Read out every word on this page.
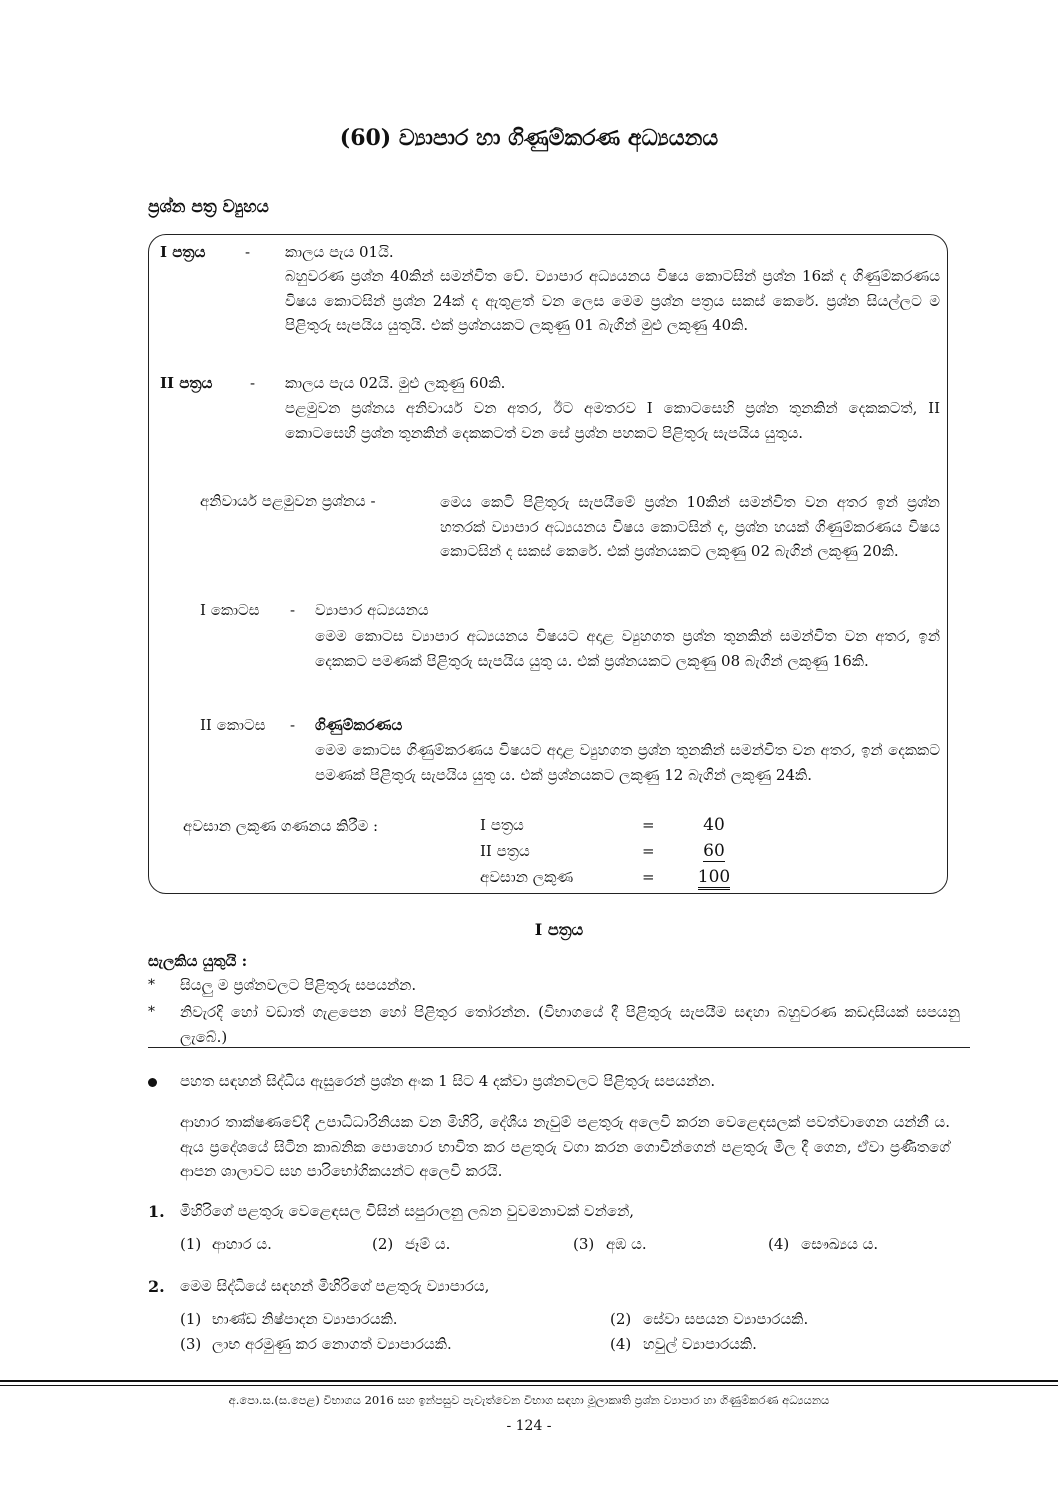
(60) ව්‍යාපාර හා ගිණුම්කරණ අධ්‍යයනය
ප්‍රශ්න පත්‍ර ව්‍යුහය
I පත්‍රය	- කාලය පැය 01යි.
බහුවරණ ප්‍රශ්න 40කින් සමන්විත වේ. ව්‍යාපාර අධ්‍යයනය විෂය කොටසින් ප්‍රශ්න 16ක් ද ගිණුම්කරණය විෂය කොටසින් ප්‍රශ්න 24ක් ද ඇතුළත් වන ලෙස මෙම ප්‍රශ්න පත්‍රය සකස් කෙරේ. ප්‍රශ්න සියල්ලට ම පිළිතුරු සැපයිය යුතුයි. එක් ප්‍රශ්නයකට ලකුණු 01 බැගින් මුළු ලකුණු 40කි.
II පත්‍රය	- කාලය පැය 02යි. මුළු ලකුණු 60කි.
පළමුවන ප්‍රශ්නය අනිවාර්ය වන අතර, ඊට අමතරව I කොටසෙහි ප්‍රශ්න තුනකින් දෙකකටත්, II කොටසෙහි ප්‍රශ්න තුනකින් දෙකකටත් වන සේ ප්‍රශ්න පහකට පිළිතුරු සැපයිය යුතුය.
අනිවාර්ය පළමුවන ප්‍රශ්නය -	මෙය කෙටි පිළිතුරු සැපයීමේ ප්‍රශ්න 10කින් සමන්විත වන අතර ඉන් ප්‍රශ්න හතරක් ව්‍යාපාර අධ්‍යයනය විෂය කොටසින් ද, ප්‍රශ්න හයක් ගිණුම්කරණය විෂය කොටසින් ද සකස් කෙරේ. එක් ප්‍රශ්නයකට ලකුණු 02 බැගින් ලකුණු 20කි.
I කොටස - ව්‍යාපාර අධ්‍යයනය
මෙම කොටස ව්‍යාපාර අධ්‍යයනය විෂයට අදාළ ව්‍යුහගත ප්‍රශ්න තුනකින් සමන්විත වන අතර, ඉන් දෙකකට පමණක් පිළිතුරු සැපයිය යුතු ය. එක් ප්‍රශ්නයකට ලකුණු 08 බැගින් ලකුණු 16කි.
II කොටස - ගිණුම්කරණය
මෙම කොටස ගිණුම්කරණය විෂයට අදාළ ව්‍යුහගත ප්‍රශ්න තුනකින් සමන්විත වන අතර, ඉන් දෙකකට පමණක් පිළිතුරු සැපයිය යුතු ය. එක් ප්‍රශ්නයකට ලකුණු 12 බැගින් ලකුණු 24කි.
අවසාන ලකුණ ගණනය කිරීම :	I පත්‍රය	=	40
II පත්‍රය	=	60
අවසාන ලකුණ	=	100
I පත්‍රය
සැලකිය යුතුයි :
* සියලු ම ප්‍රශ්නවලට පිළිතුරු සපයන්න.
* නිවැරදි හෝ වඩාත් ගැළපෙන හෝ පිළිතුර තෝරන්න. (විභාගයේ දී පිළිතුරු සැපයීම සඳහා බහුවරණ කඩදාසියක් සපයනු ලැබේ.)
පහත සඳහන් සිද්ධිය ඇසුරෙන් ප්‍රශ්න අංක 1 සිට 4 දක්වා ප්‍රශ්නවලට පිළිතුරු සපයන්න.
ආහාර තාක්ෂණවේදී උපාධිධාරිනියක වන මිහිරි, දේශීය නැවුම් පළතුරු අලෙවි කරන වෙළෙඳසලක් පවත්වාගෙන යන්නී ය. ඇය ප්‍රදේශයේ සිටින කාබනික පොහොර භාවිත කර පළතුරු වගා කරන ගොවීන්ගෙන් පළතුරු මිල දී ගෙන, ඒවා ප්‍රණීතගේ ආපන ශාලාවට සහ පාරිභෝගිකයන්ට අලෙවි කරයි.
1. මිහිරිගේ පළතුරු වෙළෙඳසල විසින් සපුරාලනු ලබන වුවමනාවක් වන්නේ,
(1) ආහාර ය.	(2) ජෑම් ය.	(3) අඹ ය.	(4) සෞඛ්‍යය ය.
2. මෙම සිද්ධියේ සඳහන් මිහිරිගේ පළතුරු ව්‍යාපාරය,
(1) භාණ්ඩ නිෂ්පාදන ව්‍යාපාරයකි.	(2) සේවා සපයන ව්‍යාපාරයකි.
(3) ලාභ අරමුණු කර නොගත් ව්‍යාපාරයකි.	(4) හවුල් ව්‍යාපාරයකි.
අ.පො.ස.(ස.පෙළ) විභාගය 2016 සහ ඉන්පසුව පැවැත්වෙන විභාග සඳහා මූලාකෘති ප්‍රශ්න ව්‍යාපාර හා ගිණුම්කරණ අධ්‍යයනය
- 124 -
